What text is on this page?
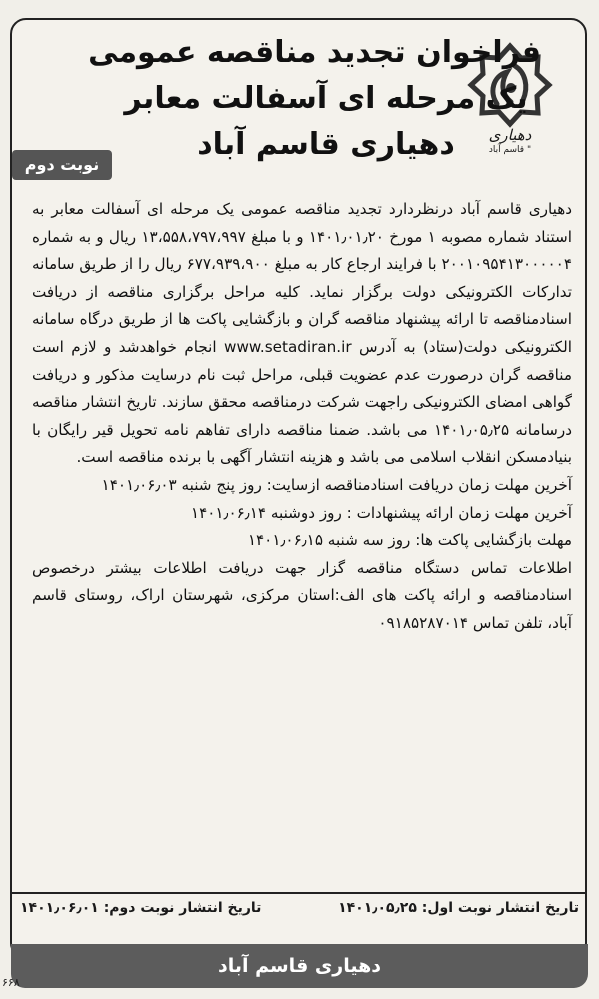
دهیاری
قاسم آباد "
فراخوان تجدید مناقصه عمومی
یک مرحله ای آسفالت معابر
دهیاری قاسم آباد
نوبت دوم

دهیاری قاسم آباد درنظردارد تجدید مناقصه عمومی یک مرحله ای آسفالت معابر به استناد شماره مصوبه ۱ مورخ ۱۴۰۱٫۰۱٫۲۰ و با مبلغ ۱۳،۵۵۸،۷۹۷،۹۹۷ ریال و به شماره ۲۰۰۱۰۹۵۴۱۳۰۰۰۰۰۴ با فرایند ارجاع کار به مبلغ ۶۷۷،۹۳۹،۹۰۰ ریال را از طریق سامانه تدارکات الکترونیکی دولت برگزار نماید. کلیه مراحل برگزاری مناقصه از دریافت اسنادمناقصه تا ارائه پیشنهاد مناقصه گران و بازگشایی پاکت ها از طریق درگاه سامانه الکترونیکی دولت(ستاد) به آدرس www.setadiran.ir انجام خواهدشد و لازم است مناقصه گران درصورت عدم عضویت قبلی، مراحل ثبت نام درسایت مذکور و دریافت گواهی امضای الکترونیکی راجهت شرکت درمناقصه محقق سازند. تاریخ انتشار مناقصه درسامانه ۱۴۰۱٫۰۵٫۲۵ می باشد. ضمنا مناقصه دارای تفاهم نامه تحویل قیر رایگان با بنیادمسکن انقلاب اسلامی می باشد و هزینه انتشار آگهی با برنده مناقصه است.

آخرین مهلت زمان دریافت اسنادمناقصه ازسایت: روز پنج شنبه ۱۴۰۱٫۰۶٫۰۳

آخرین مهلت زمان ارائه پیشنهادات : روز دوشنبه ۱۴۰۱٫۰۶٫۱۴

مهلت بازگشایی پاکت ها: روز سه شنبه ۱۴۰۱٫۰۶٫۱۵

اطلاعات تماس دستگاه مناقصه گزار جهت دریافت اطلاعات بیشتر درخصوص اسنادمناقصه و ارائه پاکت های الف:استان مرکزی، شهرستان اراک، روستای قاسم آباد، تلفن تماس ۰۹۱۸۵۲۸۷۰۱۴

تاریخ انتشار نوبت اول: ۱۴۰۱٫۰۵٫۲۵
تاریخ انتشار نوبت دوم: ۱۴۰۱٫۰۶٫۰۱
دهیاری قاسم آباد
۶۶۸
